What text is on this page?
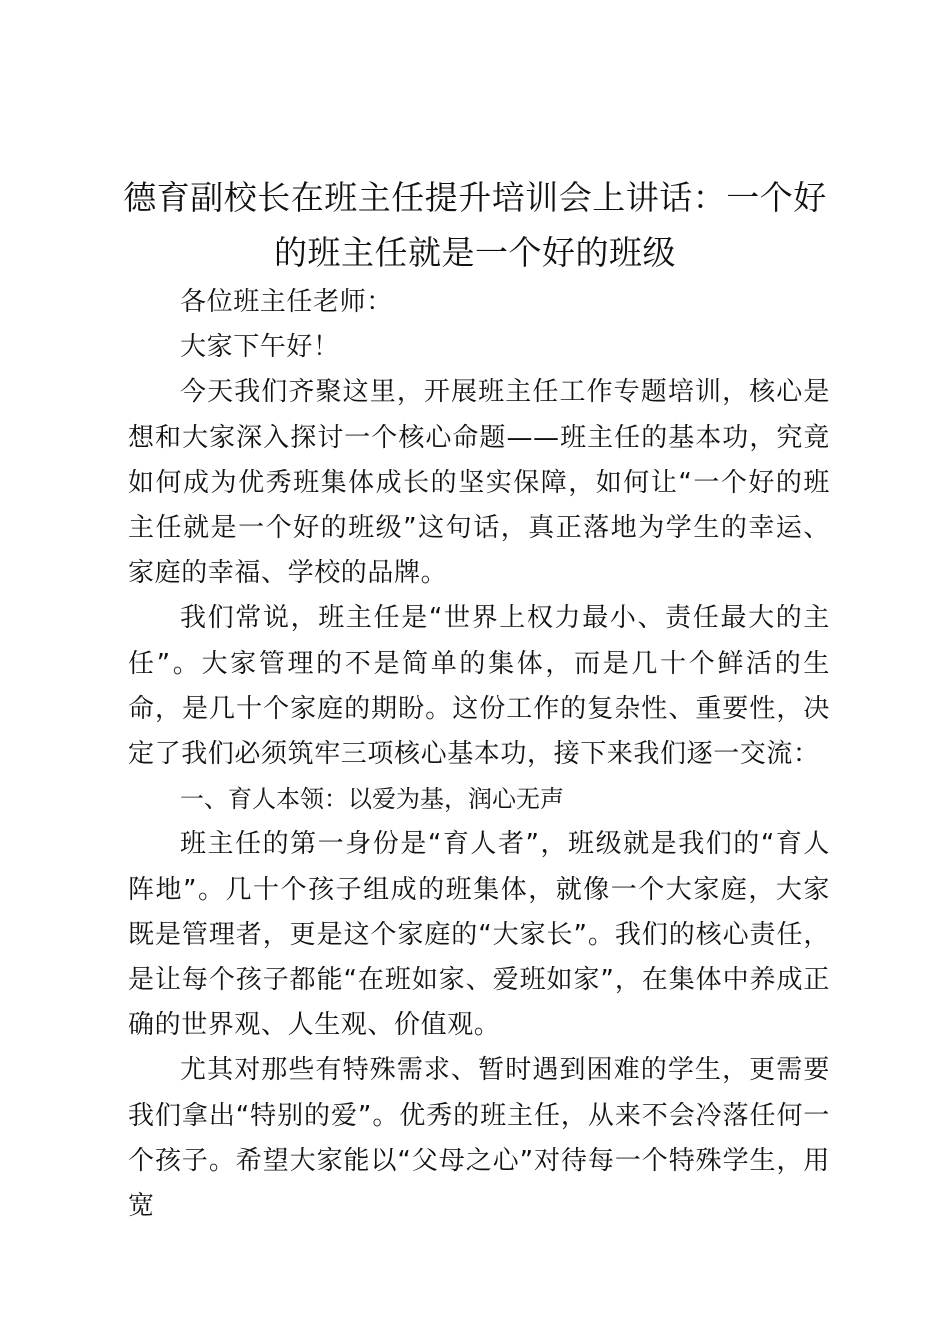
德育副校长在班主任提升培训会上讲话：一个好的班主任就是一个好的班级

各位班主任老师：

大家下午好！

今天我们齐聚这里，开展班主任工作专题培训，核心是想和大家深入探讨一个核心命题——班主任的基本功，究竟如何成为优秀班集体成长的坚实保障，如何让“一个好的班主任就是一个好的班级”这句话，真正落地为学生的幸运、家庭的幸福、学校的品牌。

我们常说，班主任是“世界上权力最小、责任最大的主任”。大家管理的不是简单的集体，而是几十个鲜活的生命，是几十个家庭的期盼。这份工作的复杂性、重要性，决定了我们必须筑牢三项核心基本功，接下来我们逐一交流：

一、育人本领：以爱为基，润心无声

班主任的第一身份是“育人者”，班级就是我们的“育人阵地”。几十个孩子组成的班集体，就像一个大家庭，大家既是管理者，更是这个家庭的“大家长”。我们的核心责任，是让每个孩子都能“在班如家、爱班如家”，在集体中养成正确的世界观、人生观、价值观。

尤其对那些有特殊需求、暂时遇到困难的学生，更需要我们拿出“特别的爱”。优秀的班主任，从来不会冷落任何一个孩子。希望大家能以“父母之心”对待每一个特殊学生，用宽
